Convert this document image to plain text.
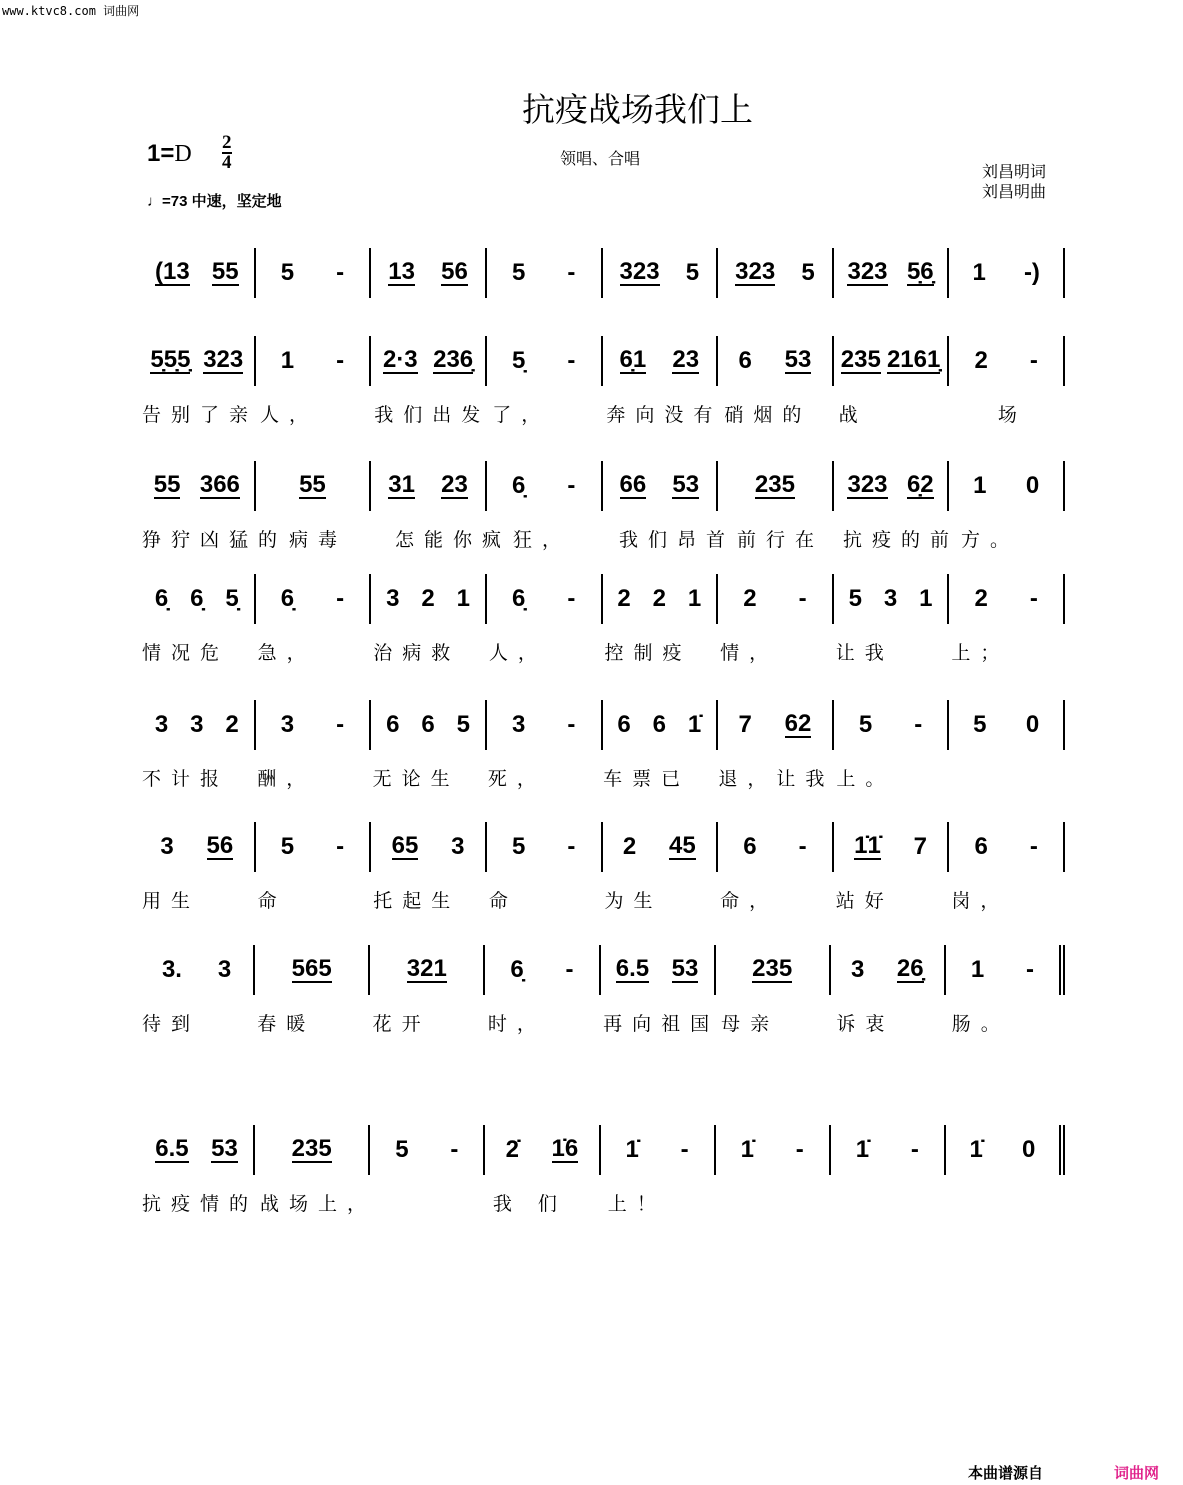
www.ktvc8.com 词曲网
抗疫战场我们上
$1=D \frac{2}{4}$
♩=73 中速，坚定地
领唱、合唱
刘昌明词
刘昌明曲
(13 55 5 - 13 56 5 - 323 5 323 5 323 5̣6̣ 1 -)
5̣5̣5̣ 323 1 - 2·3 236̣ 5̣ - 6̣1 23 6 53 235 2161̣ 2 -
告别了亲 人，	我们出发 了，	奔向没有 硝烟的	战	　 场
55 366 55	31 23 6̣ - 66 53 235 323 6̣2 1 0
狰狞凶猛的 病毒	怎能你疯 狂，	我们昂首 前行在 抗疫的前 方。
6̣ 6̣ 5̣ 6̣ - 3 2 1 6̣ - 2 2 1 2 - 5 3 1 2 -
情况危	急，	治病救	人，	控制疫	情，	让我	上；
3 3 2 3 - 6 6 5 3 - 6 6 1̇ 7 62 5 - 5 0
不计报	酬，	无论生	死，	车票已	退，让我 上。
3 56 5 - 65 3 5 - 2 45 6 - 1̇1̇ 7 6 -
用生	命	托起生	命	为生	命，	站好	岗，
3. 3	565	321	6̣ - 6.5 53 235 3 26̣ 1 -
待到	春暖	花开	时，	再向祖国 母亲	诉衷	肠。
6.5 53 235	5 - 2̇ 1̇6 1̇ - 1̇ - 1̇ - 1̇ 0
抗疫情的 战场上，	我 们	上！
本曲谱源自	词曲网
